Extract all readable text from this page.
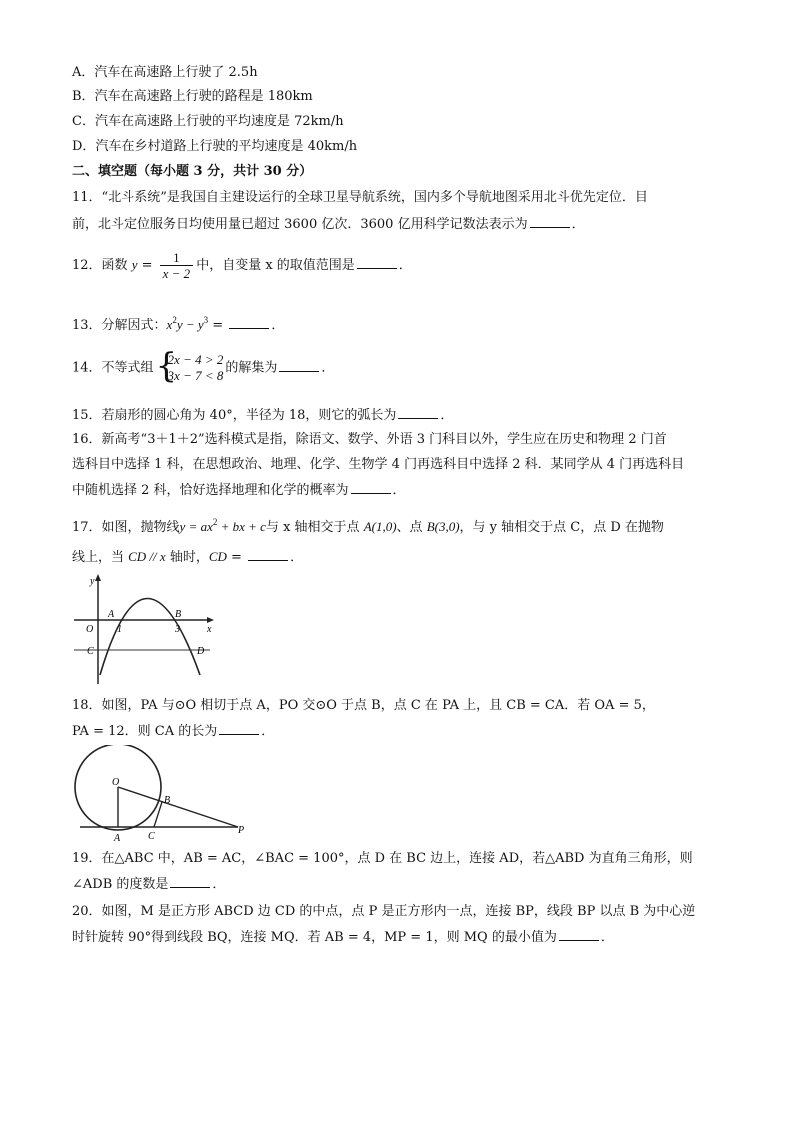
A．汽车在高速路上行驶了 2.5h
B．汽车在高速路上行驶的路程是 180km
C．汽车在高速路上行驶的平均速度是 72km/h
D．汽车在乡村道路上行驶的平均速度是 40km/h
二、填空题（每小题 3 分，共计 30 分）
11．“北斗系统”是我国自主建设运行的全球卫星导航系统，国内多个导航地图采用北斗优先定位．目
前，北斗定位服务日均使用量已超过 3600 亿次．3600 亿用科学记数法表示为	．
12．函数 $y = \frac{1}{x - 2}$ 中，自变量 x 的取值范围是	．
13．分解因式：$x^2y - y^3$ =	．
14．不等式组 {
2x − 4 > 2
3x − 7 < 8 的解集为	．
15．若扇形的圆心角为 40°，半径为 18，则它的弧长为	．
16．新高考“3＋1＋2”选科模式是指，除语文、数学、外语 3 门科目以外，学生应在历史和物理 2 门首
选科目中选择 1 科，在思想政治、地理、化学、生物学 4 门再选科目中选择 2 科．某同学从 4 门再选科目
中随机选择 2 科，恰好选择地理和化学的概率为	．
17．如图，抛物线$y = ax^2$ + bx + c与 x 轴相交于点 A(1,0)、点 B(3,0)，与 y 轴相交于点 C，点 D 在抛物
线上，当 CD // x 轴时，CD =	．
y
x
O
A
1
B
3
C	D
18．如图，PA 与⊙O 相切于点 A，PO 交⊙O 于点 B，点 C 在 PA 上，且 CB = CA．若 OA = 5，
PA = 12．则 CA 的长为	．
O
B
A	C
P
19．在△ABC 中，AB = AC，∠BAC = 100°，点 D 在 BC 边上，连接 AD，若△ABD 为直角三角形，则
∠ADB 的度数是	．
20．如图，M 是正方形 ABCD 边 CD 的中点，点 P 是正方形内一点，连接 BP，线段 BP 以点 B 为中心逆
时针旋转 90°得到线段 BQ，连接 MQ．若 AB = 4，MP = 1，则 MQ 的最小值为	．
